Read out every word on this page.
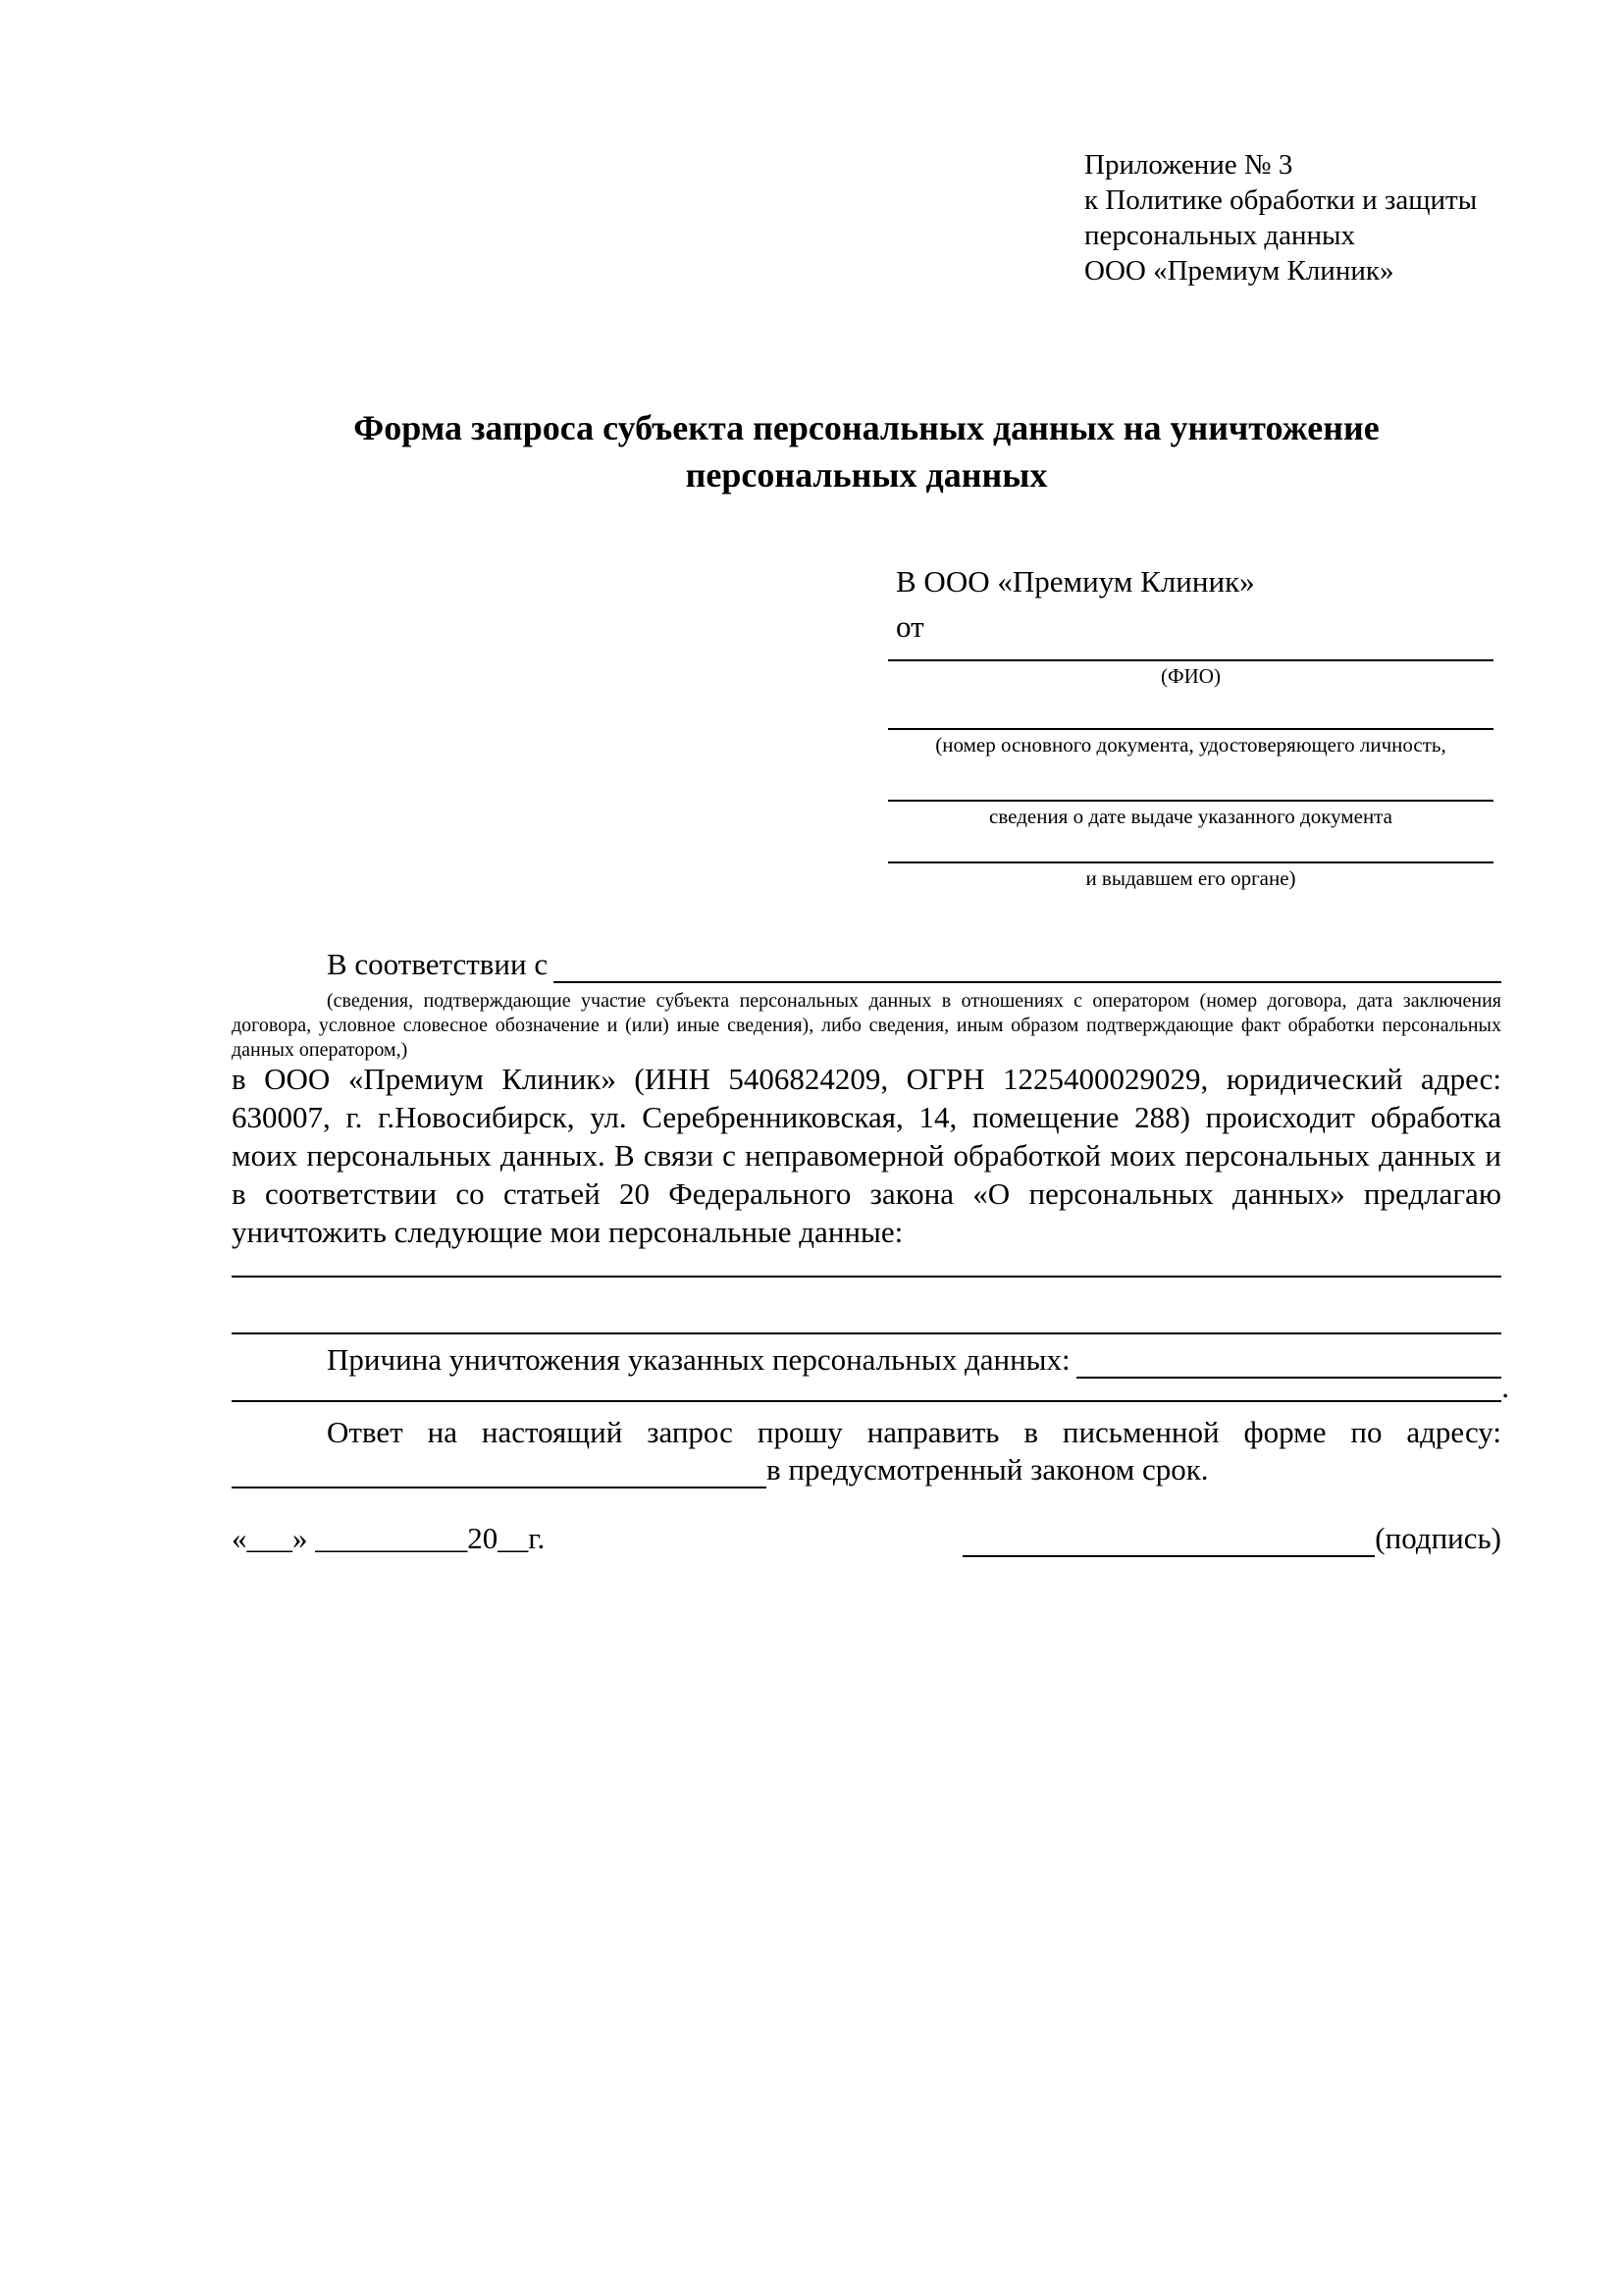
Приложение № 3
к Политике обработки и защиты
персональных данных
ООО «Премиум Клиник»
Форма запроса субъекта персональных данных на уничтожение
персональных данных
В ООО «Премиум Клиник»
от
(ФИО)
(номер основного документа, удостоверяющего личность,
сведения о дате выдаче указанного документа
и выдавшем его органе)
В соответствии с
(сведения, подтверждающие участие субъекта персональных данных в отношениях с оператором (номер договора, дата заключения договора, условное словесное обозначение и (или) иные сведения), либо сведения, иным образом подтверждающие факт обработки персональных данных оператором,)
в ООО «Премиум Клиник» (ИНН 5406824209, ОГРН 1225400029029, юридический адрес: 630007, г. г.Новосибирск, ул. Серебренниковская, 14, помещение 288) происходит обработка моих персональных данных. В связи с неправомерной обработкой моих персональных данных и в соответствии со статьей 20 Федерального закона «О персональных данных» предлагаю уничтожить следующие мои персональные данные:
Причина уничтожения указанных персональных данных:
.
Ответ на настоящий запрос прошу направить в письменной форме по адресу:
в предусмотренный законом срок.
«___» __________20__г.	(подпись)
